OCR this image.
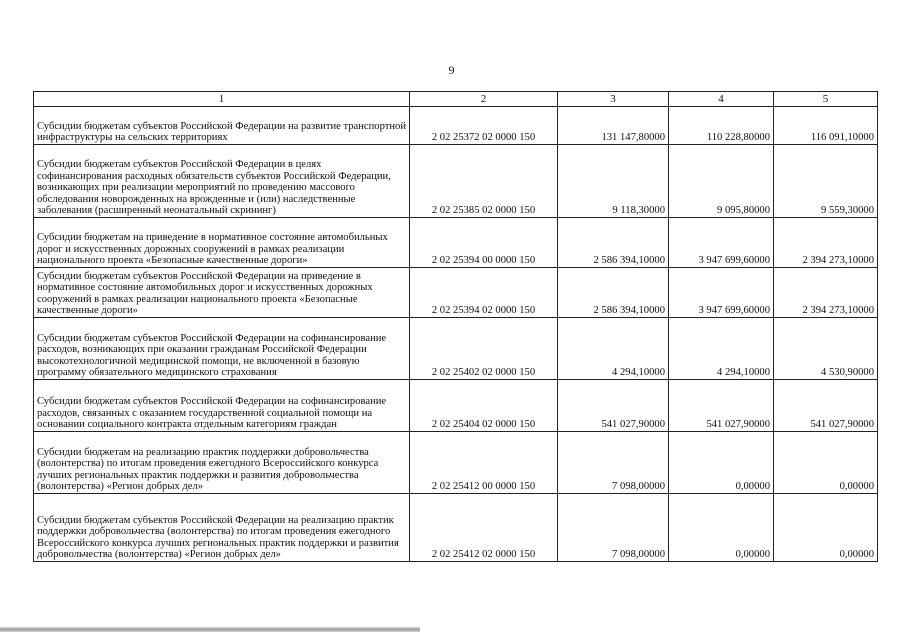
9
1	2	3	4	5
Субсидии бюджетам субъектов Российской Федерации на развитие транспортной инфраструктуры на сельских территориях	2 02 25372 02 0000 150	131 147,80000	110 228,80000	116 091,10000
Субсидии бюджетам субъектов Российской Федерации в целях софинансирования расходных обязательств субъектов Российской Федерации, возникающих при реализации мероприятий по проведению массового обследования новорожденных на врожденные и (или) наследственные заболевания (расширенный неонатальный скрининг)	2 02 25385 02 0000 150	9 118,30000	9 095,80000	9 559,30000
Субсидии бюджетам на приведение в нормативное состояние автомобильных дорог и искусственных дорожных сооружений в рамках реализации национального проекта «Безопасные качественные дороги»	2 02 25394 00 0000 150	2 586 394,10000	3 947 699,60000	2 394 273,10000
Субсидии бюджетам субъектов Российской Федерации на приведение в нормативное состояние автомобильных дорог и искусственных дорожных сооружений в рамках реализации национального проекта «Безопасные качественные дороги»	2 02 25394 02 0000 150	2 586 394,10000	3 947 699,60000	2 394 273,10000
Субсидии бюджетам субъектов Российской Федерации на софинансирование расходов, возникающих при оказании гражданам Российской Федерации высокотехнологичной медицинской помощи, не включенной в базовую программу обязательного медицинского страхования	2 02 25402 02 0000 150	4 294,10000	4 294,10000	4 530,90000
Субсидии бюджетам субъектов Российской Федерации на софинансирование расходов, связанных с оказанием государственной социальной помощи на основании социального контракта отдельным категориям граждан	2 02 25404 02 0000 150	541 027,90000	541 027,90000	541 027,90000
Субсидии бюджетам на реализацию практик поддержки добровольчества (волонтерства) по итогам проведения ежегодного Всероссийского конкурса лучших региональных практик поддержки и развития добровольчества (волонтерства) «Регион добрых дел»	2 02 25412 00 0000 150	7 098,00000	0,00000	0,00000
Субсидии бюджетам субъектов Российской Федерации на реализацию практик поддержки добровольчества (волонтерства) по итогам проведения ежегодного Всероссийского конкурса лучших региональных практик поддержки и развития добровольчества (волонтерства) «Регион добрых дел»	2 02 25412 02 0000 150	7 098,00000	0,00000	0,00000
